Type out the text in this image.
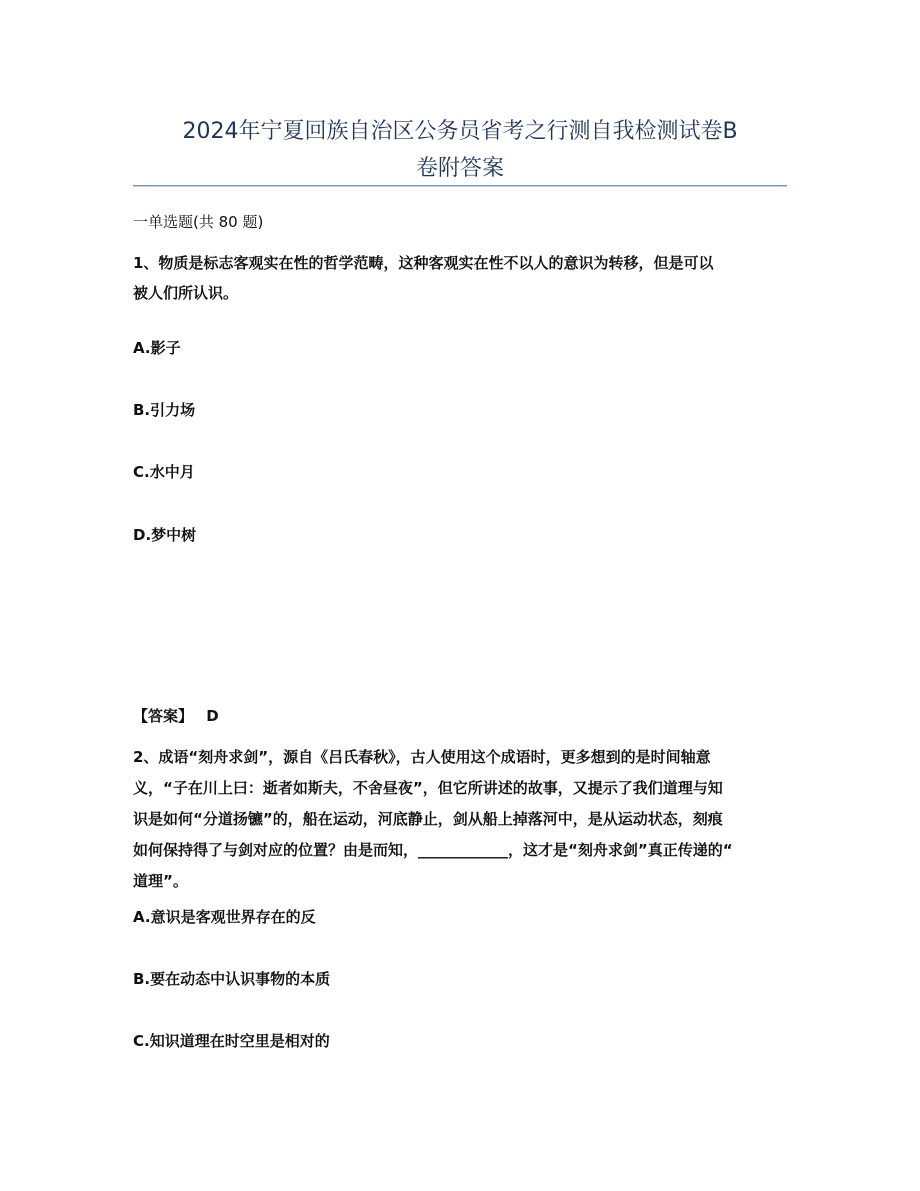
2024年宁夏回族自治区公务员省考之行测自我检测试卷B
卷附答案
一单选题(共 80 题)
1、物质是标志客观实在性的哲学范畴，这种客观实在性不以人的意识为转移，但是可以
被人们所认识。
A.影子
B.引力场
C.水中月
D.梦中树
【答案】 D
2、成语“刻舟求剑”，源自《吕氏春秋》，古人使用这个成语时，更多想到的是时间轴意
义，“子在川上曰：逝者如斯夫，不舍昼夜”，但它所讲述的故事，又提示了我们道理与知
识是如何“分道扬镳”的，船在运动，河底静止，剑从船上掉落河中，是从运动状态，刻痕
如何保持得了与剑对应的位置？由是而知，____________，这才是“刻舟求剑”真正传递的“
道理”。
A.意识是客观世界存在的反
B.要在动态中认识事物的本质
C.知识道理在时空里是相对的
